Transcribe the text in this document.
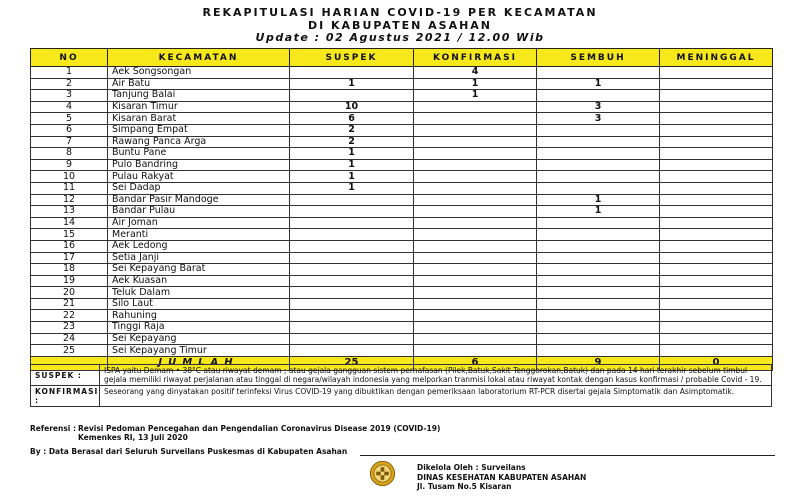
REKAPITULASI HARIAN COVID-19 PER KECAMATAN
DI KABUPATEN ASAHAN
Update : 02 Agustus 2021 / 12.00 Wib
NO	KECAMATAN	SUSPEK	KONFIRMASI	SEMBUH	MENINGGAL
1	Aek Songsongan		4		
2	Air Batu	1	1	1	
3	Tanjung Balai		1		
4	Kisaran Timur	10		3	
5	Kisaran Barat	6		3	
6	Simpang Empat	2			
7	Rawang Panca Arga	2			
8	Buntu Pane	1			
9	Pulo Bandring	1			
10	Pulau Rakyat	1			
11	Sei Dadap	1			
12	Bandar Pasir Mandoge			1	
13	Bandar Pulau			1	
14	Air Joman				
15	Meranti				
16	Aek Ledong				
17	Setia Janji				
18	Sei Kepayang Barat				
19	Aek Kuasan				
20	Teluk Dalam				
21	Silo Laut				
22	Rahuning				
23	Tinggi Raja				
24	Sei Kepayang				
25	Sei Kepayang Timur				
	JUMLAH	25	6	9	0
SUSPEK :	ISPA yaitu Demam • 38°C atau riwayat demam ; atau gejala gangguan sistem pernafasan (Pilek,Batuk,Sakit Tenggorokan,Batuk) dan pada 14 hari terakhir sebelum timbul gejala memiliki riwayat perjalanan atau tinggal di negara/wilayah indonesia yang melporkan tranmisi lokal atau riwayat kontak dengan kasus konfirmasi / probable Covid - 19.
KONFIRMASI :	Seseorang yang dinyatakan positif terinfeksi Virus COVID-19 yang dibuktikan dengan pemeriksaan laboratorium RT-PCR disertai gejala Simptomatik dan Asimptomatik.
Referensi : Revisi Pedoman Pencegahan dan Pengendalian Coronavirus Disease 2019 (COVID-19)

Kemenkes RI, 13 Juli 2020
By : Data Berasal dari Seluruh Surveilans Puskesmas di Kabupaten Asahan
Dikelola Oleh : Surveilans
DINAS KESEHATAN KABUPATEN ASAHAN
Jl. Tusam No.5 Kisaran
